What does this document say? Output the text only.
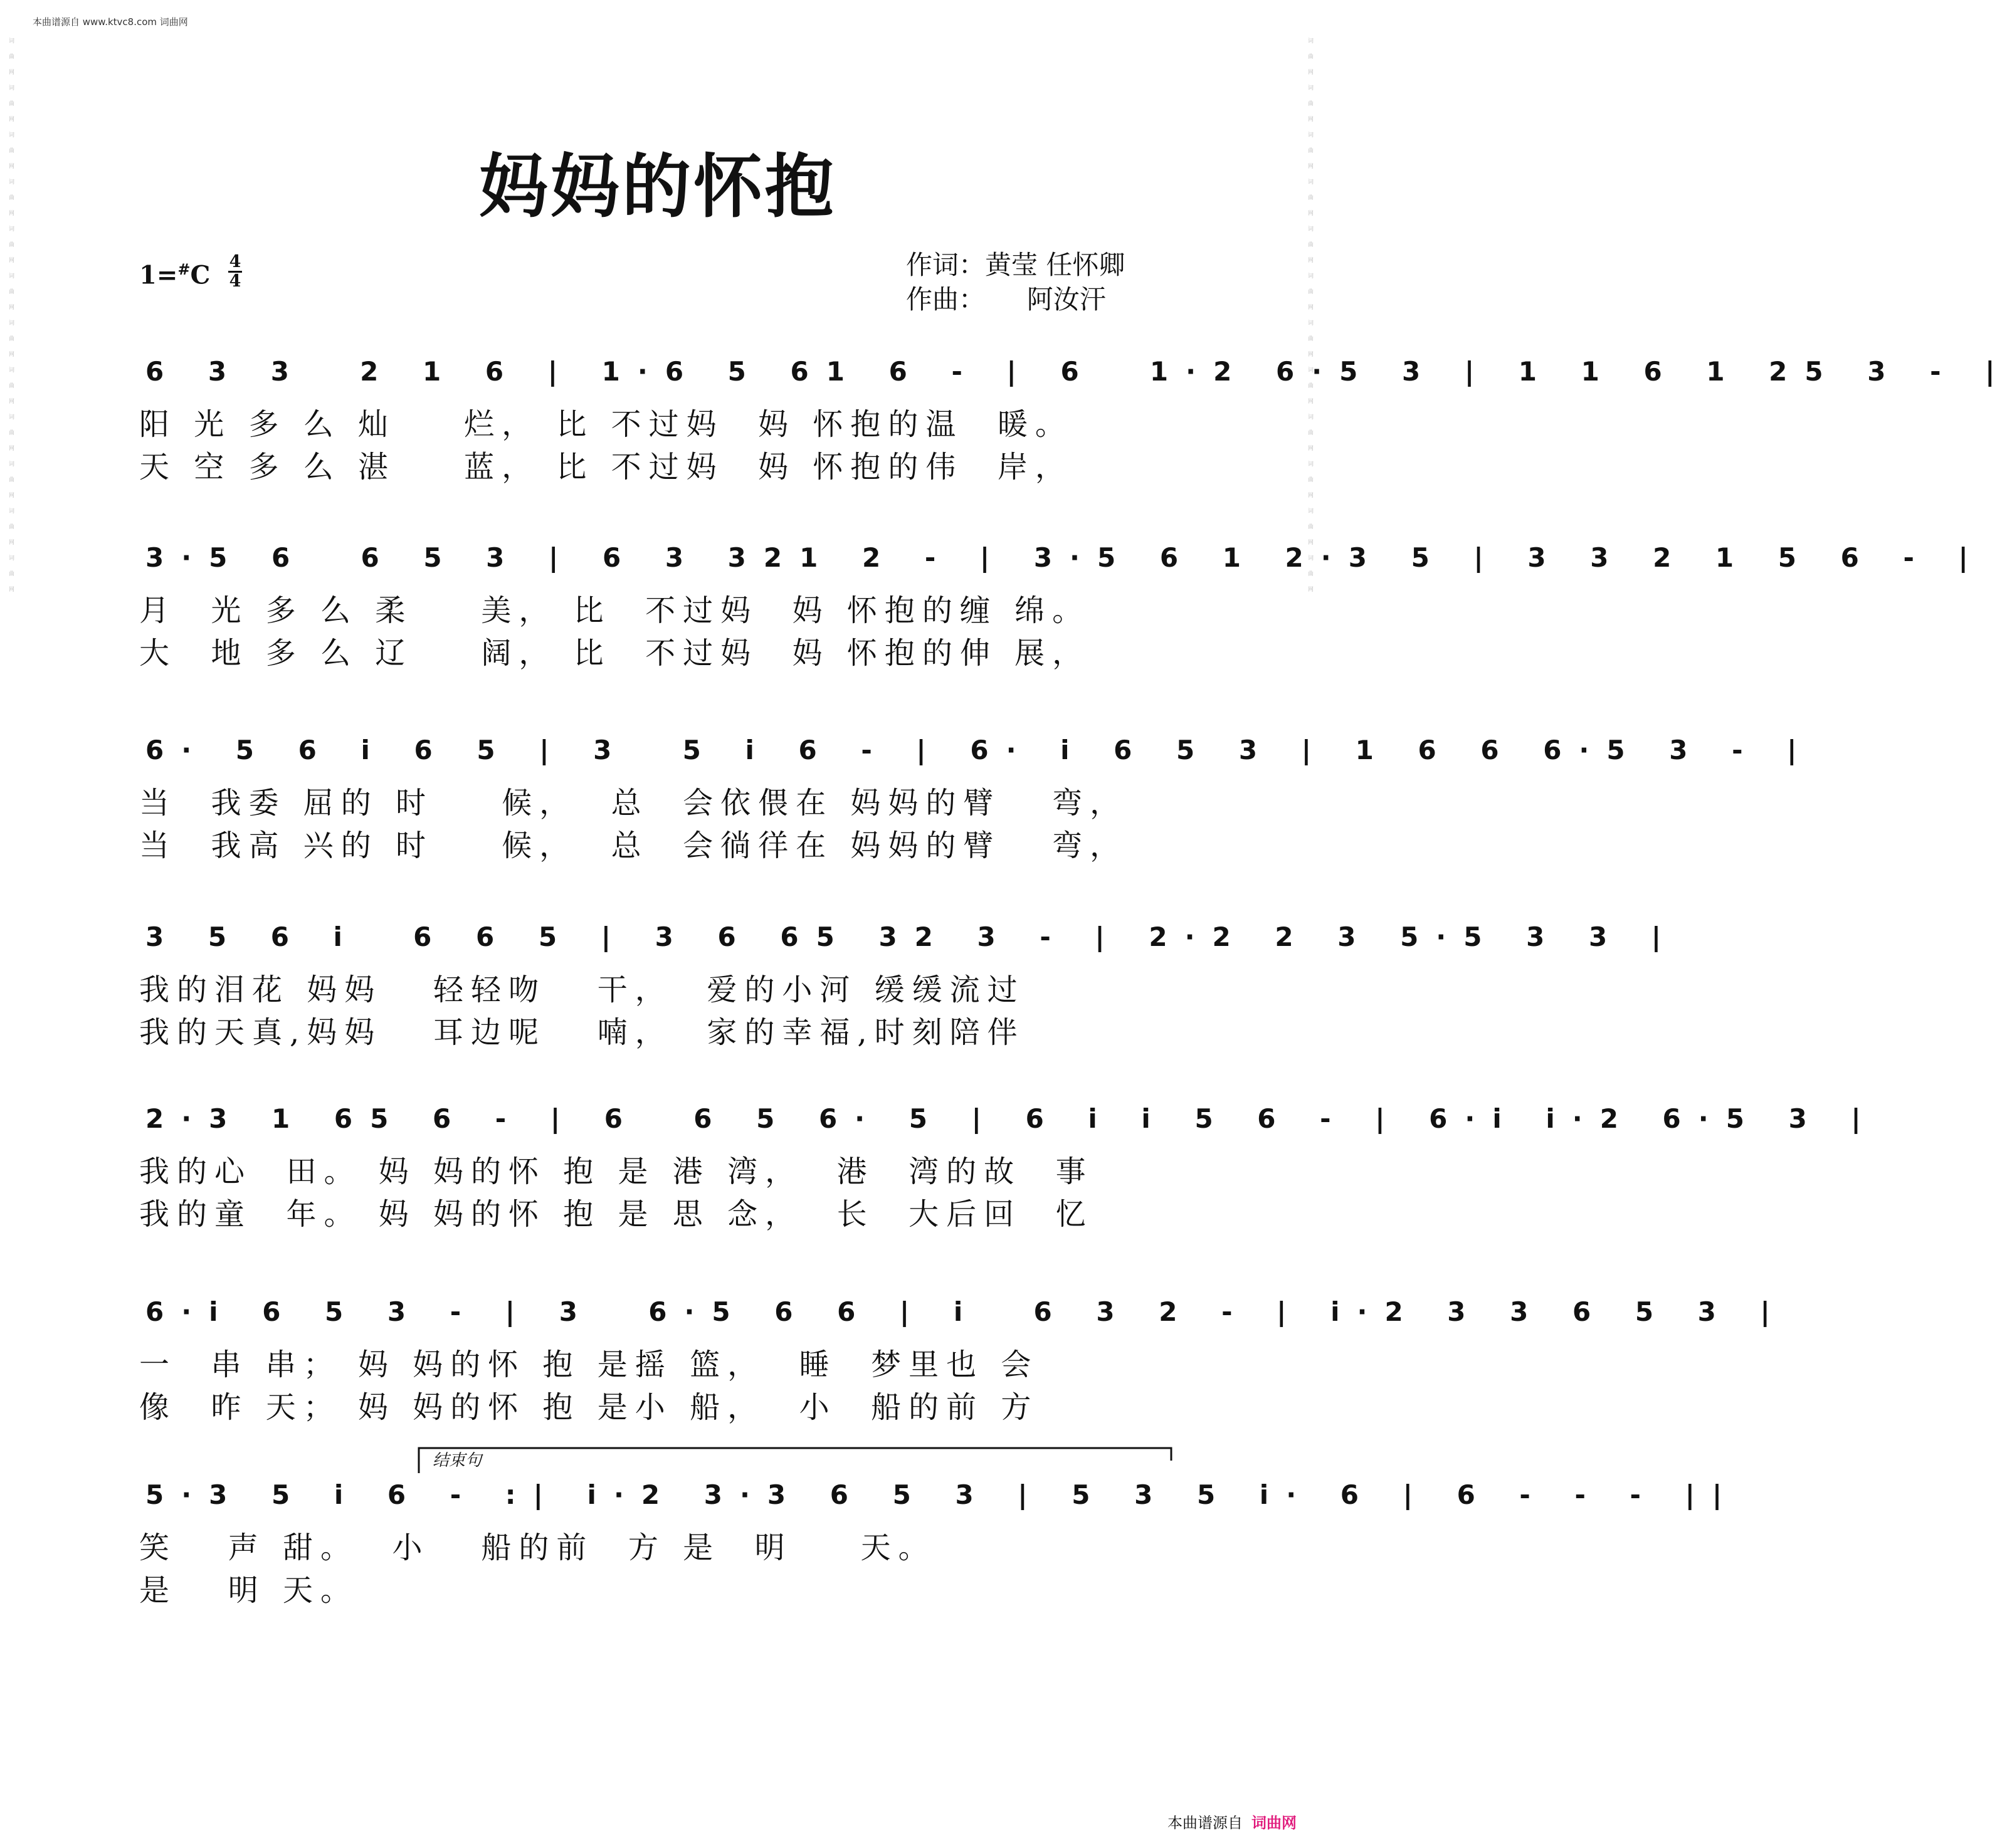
本曲谱源自 www.ktvc8.com 词曲网
词曲网词曲网词曲网词曲网词曲网词曲网词曲网词曲网词曲网词曲网词曲网词曲网	词曲网词曲网词曲网词曲网词曲网词曲网词曲网词曲网词曲网词曲网词曲网词曲网
妈妈的怀抱
1=#C 4
4
作词：黄莹 任怀卿
作曲：     阿汝汗
6 3 3  2 1 6 | 1·6 5 61 6 - | 6  1·2 6·5 3 | 1 1 6 1 25 3 - |
阳 光 多 么 灿    烂， 比 不过妈  妈 怀抱的温  暖。
天 空 多 么 湛    蓝， 比 不过妈  妈 怀抱的伟  岸，
3·5 6  6 5 3 | 6 3 321 2 - | 3·5 6 1 2·3 5 | 3 3 2 1 5 6 - |
月  光 多 么 柔    美， 比  不过妈  妈 怀抱的缠 绵。
大  地 多 么 辽    阔， 比  不过妈  妈 怀抱的伸 展，
6· 5 6 i 6 5 | 3  5 i 6 - | 6· i 6 5 3 | 1 6 6 6·5 3 - |
当  我委 屈的 时    候，  总  会依偎在 妈妈的臂   弯，
当  我高 兴的 时    候，  总  会徜徉在 妈妈的臂   弯，
3 5 6 i  6 6 5 | 3 6 65 32 3 - | 2·2 2 3 5·5 3 3 |
我的泪花 妈妈   轻轻吻   干，  爱的小河 缓缓流过
我的天真,妈妈   耳边呢   喃，  家的幸福,时刻陪伴
2·3 1 65 6 - | 6  6 5 6· 5 | 6 i i 5 6 - | 6·i i·2 6·5 3 |
我的心  田。 妈 妈的怀 抱 是 港 湾，  港  湾的故  事
我的童  年。 妈 妈的怀 抱 是 思 念，  长  大后回  忆
6·i 6 5 3 - | 3  6·5 6 6 | i  6 3 2 - | i·2 3 3 6 5 3 |
一  串 串； 妈 妈的怀 抱 是摇 篮，  睡  梦里也 会
像  昨 天； 妈 妈的怀 抱 是小 船，  小  船的前 方
5·3 5 i 6 - :| i·2 3·3 6 5 3 | 5 3 5 i· 6 | 6 - - - ||
笑   声 甜。  小   船的前  方 是  明    天。
是   明 天。
结束句
本曲谱源自 词曲网
